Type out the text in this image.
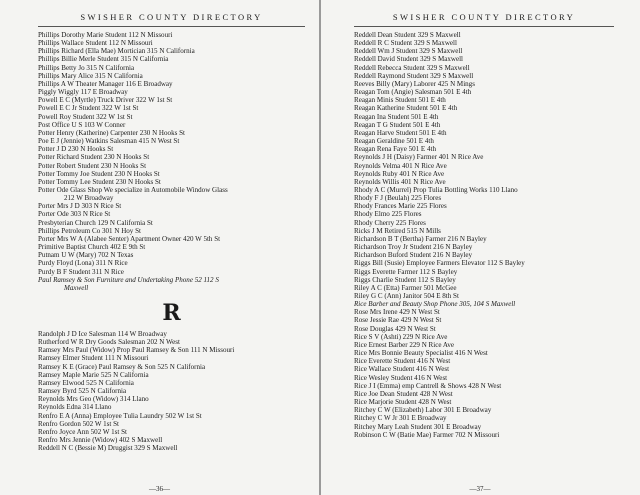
SWISHER COUNTY DIRECTORY
Phillips Dorothy Marie Student 112 N Missouri
Phillips Wallace Student 112 N Missouri
Phillips Richard (Ella Mae) Mortician 315 N California
Phillips Billie Merle Student 315 N California
Phillips Betty Jo 315 N California
Phillips Mary Alice 315 N California
Phillips A W Theater Manager 116 E Broadway
Piggly Wiggly 117 E Broadway
Powell E C (Myrtle) Truck Driver 322 W 1st St
Powell E C Jr Student 322 W 1st St
Powell Roy Student 322 W 1st St
Post Office U S 103 W Conner
Potter Henry (Katherine) Carpenter 230 N Hooks St
Poe E J (Jennie) Watkins Salesman 415 N West St
Potter J D 230 N Hooks St
Potter Richard Student 230 N Hooks St
Potter Robert Student 230 N Hooks St
Potter Tommy Joe Student 230 N Hooks St
Potter Tommy Lee Student 230 N Hooks St
Potter Ode Glass Shop We specialize in Automobile Window Glass
212 W Broadway
Porter Mrs J D 303 N Rice St
Porter Ode 303 N Rice St
Presbyterian Church 129 N California St
Phillips Petroleum Co 301 N Hoy St
Porter Mrs W A (Alabee Senter) Apartment Owner 420 W 5th St
Primitive Baptist Church 402 E 9th St
Putnam U W (Mary) 702 N Texas
Purdy Floyd (Lona) 311 N Rice
Purdy B F Student 311 N Rice
Paul Ramsey & Son Furniture and Undertaking Phone 52 112 S
Maxwell
R
Randolph J D Ice Salesman 114 W Broadway
Rutherford W R Dry Goods Salesman 202 N West
Ramsey Mrs Paul (Widow) Prop Paul Ramsey & Son 111 N Missouri
Ramsey Elmer Student 111 N Missouri
Ramsey K E (Grace) Paul Ramsey & Son 525 N California
Ramsey Maple Marie 525 N California
Ramsey Elwood 525 N California
Ramsey Byrd 525 N California
Reynolds Mrs Geo (Widow) 314 Llano
Reynolds Edna 314 Llano
Renfro E A (Anna) Employee Tulia Laundry 502 W 1st St
Renfro Gordon 502 W 1st St
Renfro Joyce Ann 502 W 1st St
Renfro Mrs Jennie (Widow) 402 S Maxwell
Reddell N C (Bessie M) Druggist 329 S Maxwell
—36—
SWISHER COUNTY DIRECTORY
Reddell Dean Student 329 S Maxwell
Reddell R C Student 329 S Maxwell
Reddell Wm J Student 329 S Maxwell
Reddell David Student 329 S Maxwell
Reddell Rebecca Student 329 S Maxwell
Reddell Raymond Student 329 S Maxwell
Reeves Billy (Mary) Laborer 425 N Mings
Reagan Tom (Angie) Salesman 501 E 4th
Reagan Minis Student 501 E 4th
Reagan Katherine Student 501 E 4th
Reagan Ina Student 501 E 4th
Reagan T G Student 501 E 4th
Reagan Harve Student 501 E 4th
Reagan Geraldine 501 E 4th
Reagan Rena Faye 501 E 4th
Reynolds J H (Daisy) Farmer 401 N Rice Ave
Reynolds Velma 401 N Rice Ave
Reynolds Ruby 401 N Rice Ave
Reynolds Willis 401 N Rice Ave
Rhody A C (Murrel) Prop Tulia Bottling Works 110 Llano
Rhody F J (Beulah) 225 Flores
Rhody Frances Marie 225 Flores
Rhody Elmo 225 Flores
Rhody Cherry 225 Flores
Ricks J M Retired 515 N Mills
Richardson B T (Bertha) Farmer 216 N Bayley
Richardson Troy Jr Student 216 N Bayley
Richardson Buford Student 216 N Bayley
Riggs Bill (Susie) Employee Farmers Elevator 112 S Bayley
Riggs Everette Farmer 112 S Bayley
Riggs Charlie Student 112 S Bayley
Riley A C (Etta) Farmer 501 McGee
Riley G C (Ann) Janitor 504 E 8th St
Rice Barber and Beauty Shop Phone 305, 104 S Maxwell
Rose Mrs Irene 429 N West St
Rose Jessie Rae 429 N West St
Rose Douglas 429 N West St
Rice S V (Ashti) 229 N Rice Ave
Rice Ernest Barber 229 N Rice Ave
Rice Mrs Bonnie Beauty Specialist 416 N West
Rice Everette Student 416 N West
Rice Wallace Student 416 N West
Rice Wesley Student 416 N West
Rice J I (Emma) emp Cantrell & Shows 428 N West
Rice Joe Dean Student 428 N West
Rice Marjorie Student 428 N West
Ritchey C W (Elizabeth) Labor 301 E Broadway
Ritchey C W Jr 301 E Broadway
Ritchey Mary Leah Student 301 E Broadway
Robinson C W (Batie Mae) Farmer 702 N Missouri
—37—
